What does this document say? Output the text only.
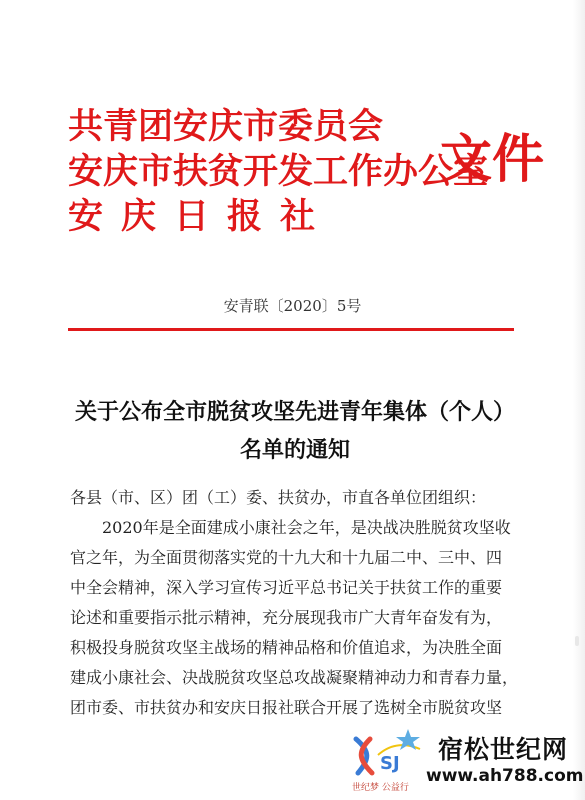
共青团安庆市委员会
安庆市扶贫开发工作办公室
安庆日报社
文件
安青联〔2020〕5号
关于公布全市脱贫攻坚先进青年集体（个人）
名单的通知
各县（市、区）团（工）委、扶贫办，市直各单位团组织：
2020年是全面建成小康社会之年，是决战决胜脱贫攻坚收
官之年，为全面贯彻落实党的十九大和十九届二中、三中、四
中全会精神，深入学习宣传习近平总书记关于扶贫工作的重要
论述和重要指示批示精神，充分展现我市广大青年奋发有为，
积极投身脱贫攻坚主战场的精神品格和价值追求，为决胜全面
建成小康社会、决战脱贫攻坚总攻战凝聚精神动力和青春力量，
团市委、市扶贫办和安庆日报社联合开展了选树全市脱贫攻坚
SJ 宿松世纪网
www.ah788.com
世纪梦 公益行
